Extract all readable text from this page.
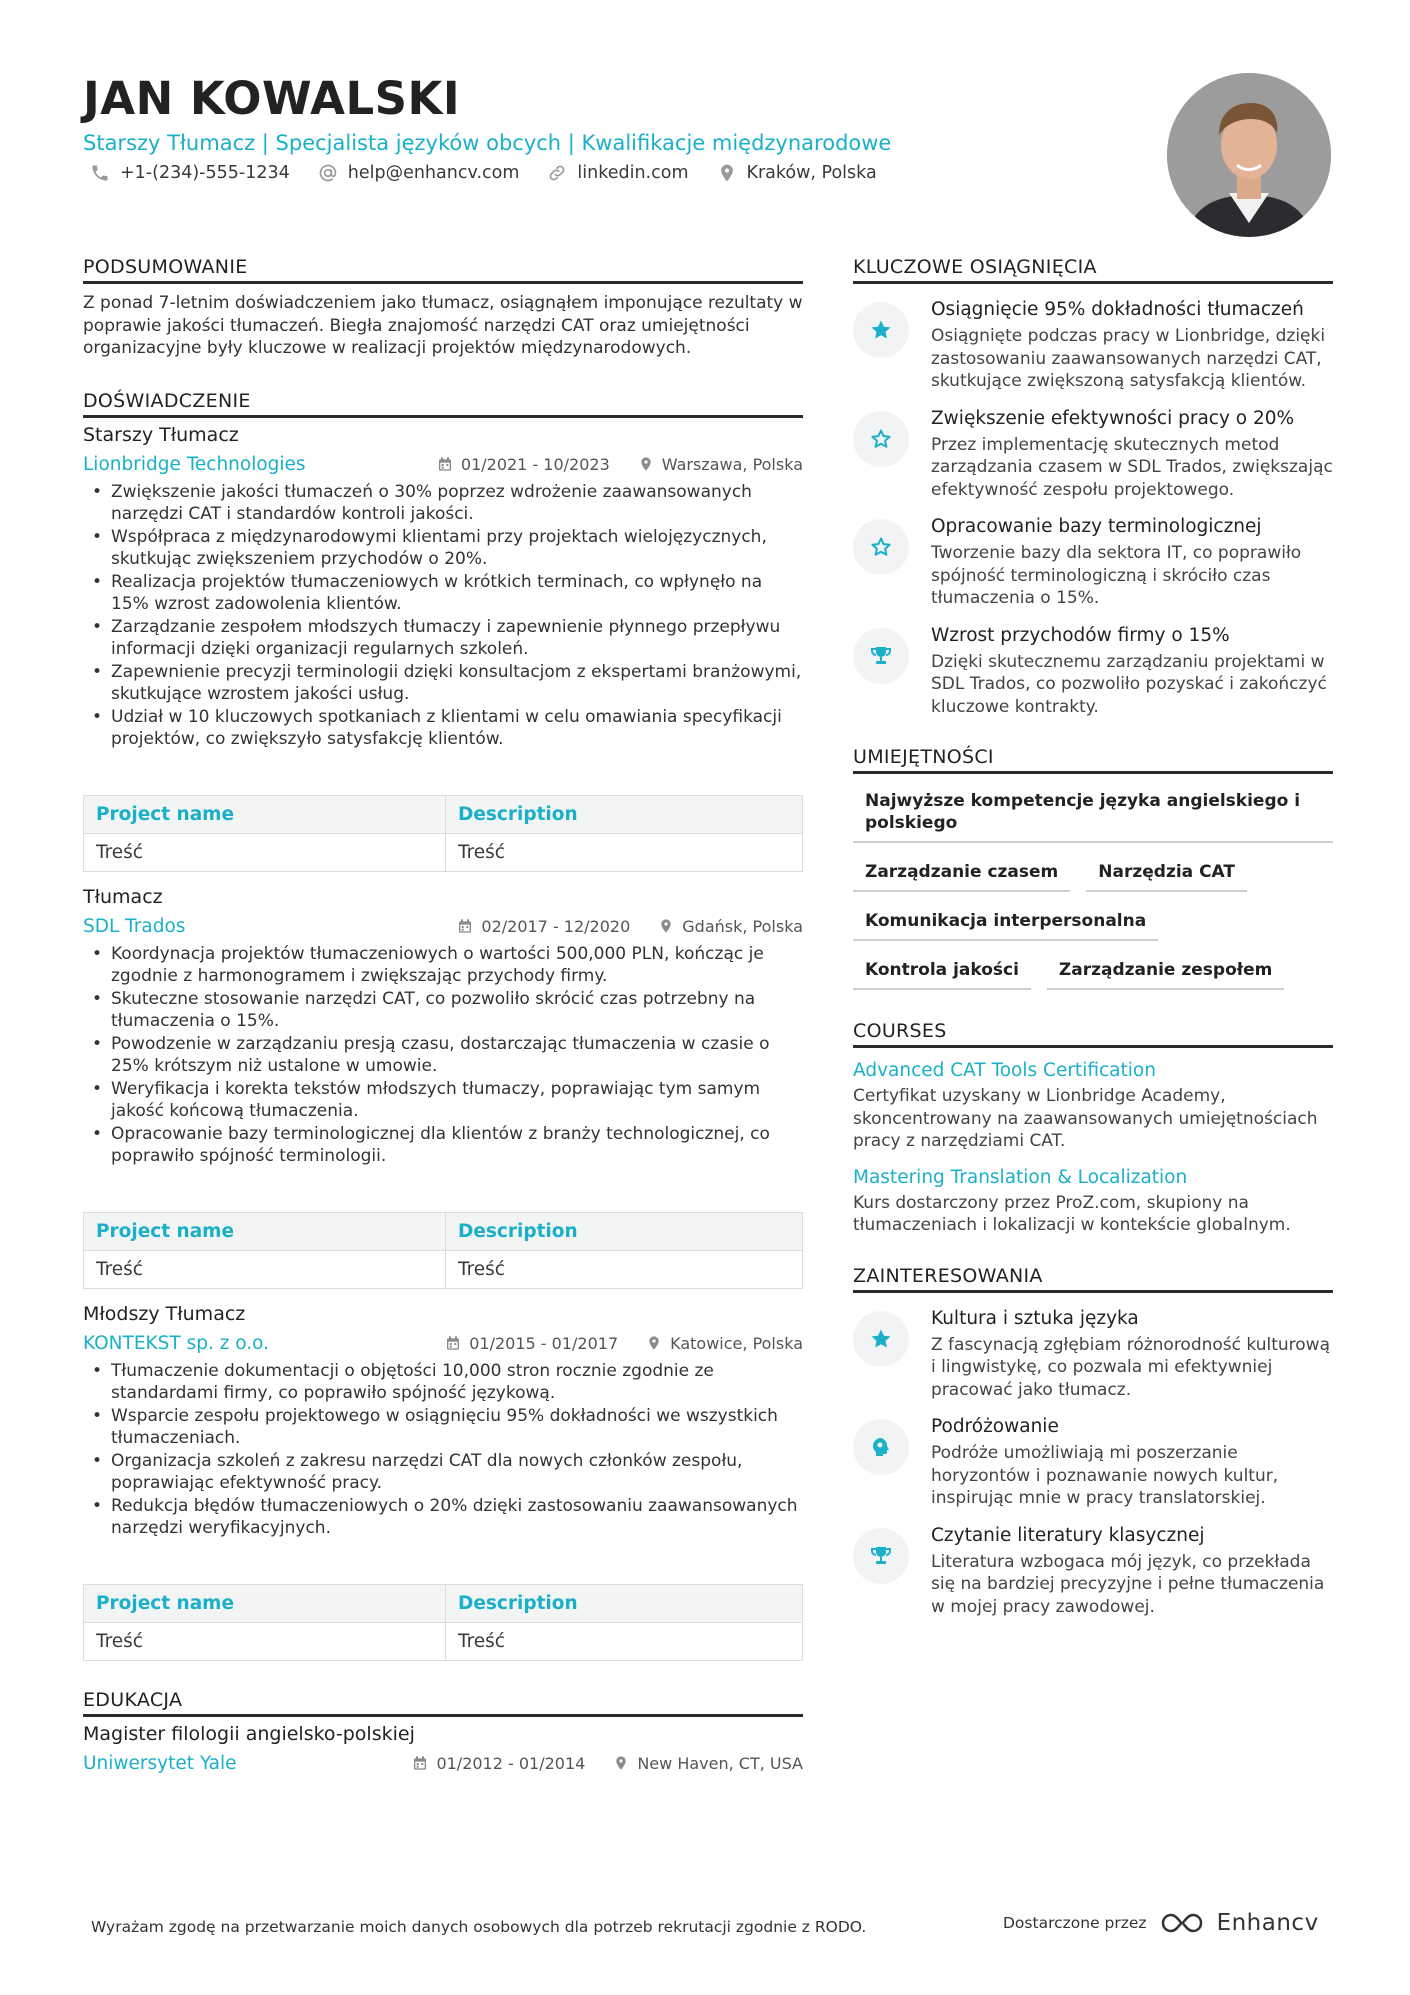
JAN KOWALSKI
Starszy Tłumacz | Specjalista języków obcych | Kwalifikacje międzynarodowe
+1-(234)-555-1234	help@enhancv.com	linkedin.com	Kraków, Polska
PODSUMOWANIE
Z ponad 7-letnim doświadczeniem jako tłumacz, osiągnąłem imponujące rezultaty w poprawie jakości tłumaczeń. Biegła znajomość narzędzi CAT oraz umiejętności organizacyjne były kluczowe w realizacji projektów międzynarodowych.
DOŚWIADCZENIE
Starszy Tłumacz
Lionbridge Technologies	01/2021 - 10/2023	Warszawa, Polska
• Zwiększenie jakości tłumaczeń o 30% poprzez wdrożenie zaawansowanych narzędzi CAT i standardów kontroli jakości.
• Współpraca z międzynarodowymi klientami przy projektach wielojęzycznych, skutkując zwiększeniem przychodów o 20%.
• Realizacja projektów tłumaczeniowych w krótkich terminach, co wpłynęło na 15% wzrost zadowolenia klientów.
• Zarządzanie zespołem młodszych tłumaczy i zapewnienie płynnego przepływu informacji dzięki organizacji regularnych szkoleń.
• Zapewnienie precyzji terminologii dzięki konsultacjom z ekspertami branżowymi, skutkujące wzrostem jakości usług.
• Udział w 10 kluczowych spotkaniach z klientami w celu omawiania specyfikacji projektów, co zwiększyło satysfakcję klientów.
Project name	Description
Treść	Treść
Tłumacz
SDL Trados	02/2017 - 12/2020	Gdańsk, Polska
• Koordynacja projektów tłumaczeniowych o wartości 500,000 PLN, kończąc je zgodnie z harmonogramem i zwiększając przychody firmy.
• Skuteczne stosowanie narzędzi CAT, co pozwoliło skrócić czas potrzebny na tłumaczenia o 15%.
• Powodzenie w zarządzaniu presją czasu, dostarczając tłumaczenia w czasie o 25% krótszym niż ustalone w umowie.
• Weryfikacja i korekta tekstów młodszych tłumaczy, poprawiając tym samym jakość końcową tłumaczenia.
• Opracowanie bazy terminologicznej dla klientów z branży technologicznej, co poprawiło spójność terminologii.
Project name	Description
Treść	Treść
Młodszy Tłumacz
KONTEKST sp. z o.o.	01/2015 - 01/2017	Katowice, Polska
• Tłumaczenie dokumentacji o objętości 10,000 stron rocznie zgodnie ze standardami firmy, co poprawiło spójność językową.
• Wsparcie zespołu projektowego w osiągnięciu 95% dokładności we wszystkich tłumaczeniach.
• Organizacja szkoleń z zakresu narzędzi CAT dla nowych członków zespołu, poprawiając efektywność pracy.
• Redukcja błędów tłumaczeniowych o 20% dzięki zastosowaniu zaawansowanych narzędzi weryfikacyjnych.
Project name	Description
Treść	Treść
EDUKACJA
Magister filologii angielsko-polskiej
Uniwersytet Yale	01/2012 - 01/2014	New Haven, CT, USA
KLUCZOWE OSIĄGNIĘCIA
Osiągnięcie 95% dokładności tłumaczeń
Osiągnięte podczas pracy w Lionbridge, dzięki zastosowaniu zaawansowanych narzędzi CAT, skutkujące zwiększoną satysfakcją klientów.
Zwiększenie efektywności pracy o 20%
Przez implementację skutecznych metod zarządzania czasem w SDL Trados, zwiększając efektywność zespołu projektowego.
Opracowanie bazy terminologicznej
Tworzenie bazy dla sektora IT, co poprawiło spójność terminologiczną i skróciło czas tłumaczenia o 15%.
Wzrost przychodów firmy o 15%
Dzięki skutecznemu zarządzaniu projektami w SDL Trados, co pozwoliło pozyskać i zakończyć kluczowe kontrakty.
UMIEJĘTNOŚCI
Najwyższe kompetencje języka angielskiego i polskiego
Zarządzanie czasem	Narzędzia CAT
Komunikacja interpersonalna
Kontrola jakości	Zarządzanie zespołem
COURSES
Advanced CAT Tools Certification
Certyfikat uzyskany w Lionbridge Academy, skoncentrowany na zaawansowanych umiejętnościach pracy z narzędziami CAT.
Mastering Translation & Localization
Kurs dostarczony przez ProZ.com, skupiony na tłumaczeniach i lokalizacji w kontekście globalnym.
ZAINTERESOWANIA
Kultura i sztuka języka
Z fascynacją zgłębiam różnorodność kulturową i lingwistykę, co pozwala mi efektywniej pracować jako tłumacz.
Podróżowanie
Podróże umożliwiają mi poszerzanie horyzontów i poznawanie nowych kultur, inspirując mnie w pracy translatorskiej.
Czytanie literatury klasycznej
Literatura wzbogaca mój język, co przekłada się na bardziej precyzyjne i pełne tłumaczenia w mojej pracy zawodowej.
Wyrażam zgodę na przetwarzanie moich danych osobowych dla potrzeb rekrutacji zgodnie z RODO.	Dostarczone przez	Enhancv
